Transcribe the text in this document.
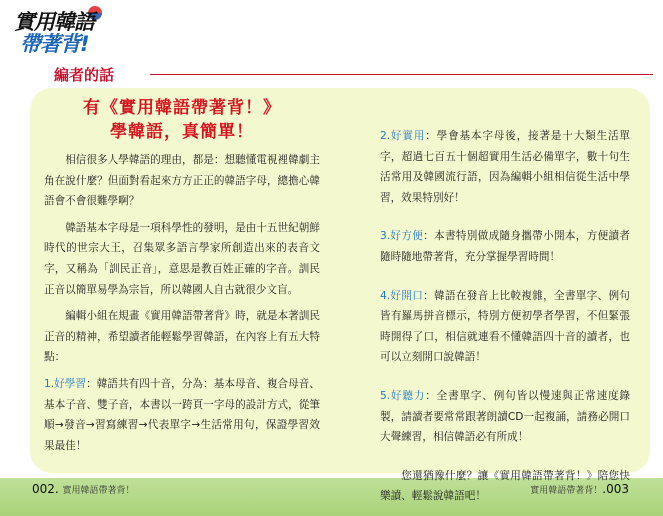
實用韓語
帶著背!
編者的話
有《實用韓語帶著背！》
學韓語，真簡單！

相信很多人學韓語的理由，都是：想聽懂電視裡韓劇主角在說什麼？但面對看起來方方正正的韓語字母，總擔心韓語會不會很難學啊？

韓語基本字母是一項科學性的發明，是由十五世紀朝鮮時代的世宗大王，召集眾多語言學家所創造出來的表音文字，又稱為「訓民正音」，意思是教百姓正確的字音。訓民正音以簡單易學為宗旨，所以韓國人自古就很少文盲。

編輯小組在規畫《實用韓語帶著背》時，就是本著訓民正音的精神，希望讀者能輕鬆學習韓語，在內容上有五大特點：

1.好學習：韓語共有四十音，分為：基本母音、複合母音、基本子音、雙子音，本書以一跨頁一字母的設計方式，從筆順→發音→習寫練習→代表單字→生活常用句，保證學習效果最佳！

2.好實用：學會基本字母後，接著是十大類生活單字，超過七百五十個超實用生活必備單字，數十句生活常用及韓國流行語，因為編輯小組相信從生活中學習，效果特別好！

3.好方便：本書特別做成隨身攜帶小開本，方便讀者隨時隨地帶著背，充分掌握學習時間！

4.好開口：韓語在發音上比較複雜，全書單字、例句皆有羅馬拼音標示，特別方便初學者學習，不但緊張時開得了口，相信就連看不懂韓語四十音的讀者，也可以立刻開口說韓語！

5.好聽力：全書單字、例句皆以慢速與正常速度錄製，請讀者要常常跟著朗讀CD一起複誦，請務必開口大聲練習，相信韓語必有所成！

您還猶豫什麼？讓《實用韓語帶著背！》陪您快樂讀、輕鬆說韓語吧！

002. 實用韓語帶著背！	實用韓語帶著背！.003
